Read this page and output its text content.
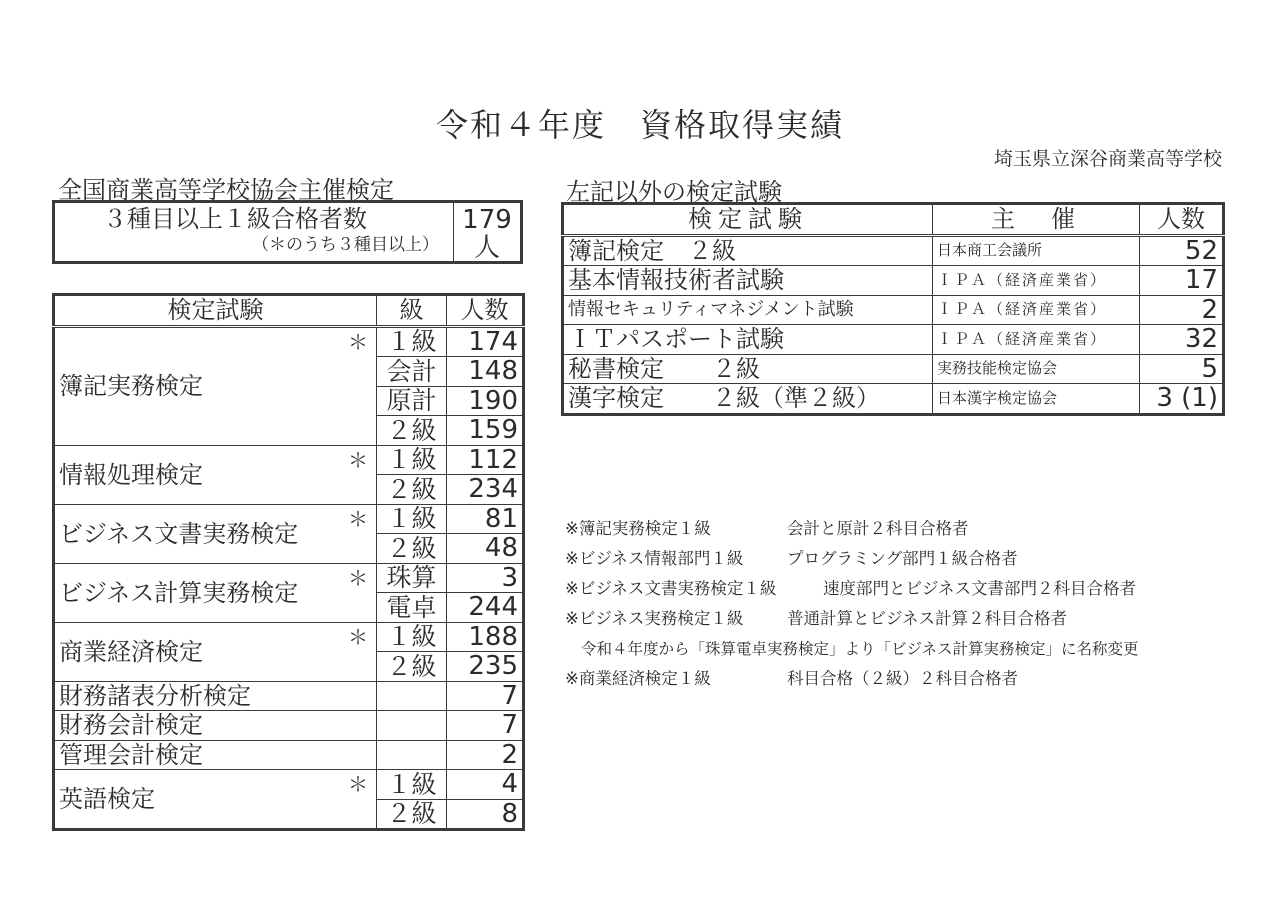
令和４年度　資格取得実績
埼玉県立深谷商業高等学校
全国商業高等学校協会主催検定	左記以外の検定試験
３種目以上１級合格者数
（＊のうち３種目以上）

179
人
検定試験	級	人数
簿記実務検定
＊	１級	174
	会計	148
	原計	190
	２級	159
情報処理検定
＊	１級	112
	２級	234
ビジネス文書実務検定
＊	１級	81
	２級	48
ビジネス計算実務検定
＊	珠算	3
	電卓	244
商業経済検定
＊	１級	188
	２級	235
財務諸表分析検定		7
財務会計検定		7
管理会計検定		2
英語検定
＊	１級	4
	２級	8
検定試験	主　催	人数
簿記検定　２級	日本商工会議所	52
基本情報技術者試験	ＩＰＡ（経済産業省）	17
情報セキュリティマネジメント試験	ＩＰＡ（経済産業省）	2
ＩＴパスポート試験	ＩＰＡ（経済産業省）	32
秘書検定　　２級	実務技能検定協会	5
漢字検定　　２級（準２級）	日本漢字検定協会	3 (1)
※簿記実務検定１級	会計と原計２科目合格者
※ビジネス情報部門１級	プログラミング部門１級合格者
※ビジネス文書実務検定１級	速度部門とビジネス文書部門２科目合格者
※ビジネス実務検定１級	普通計算とビジネス計算２科目合格者
令和４年度から「珠算電卓実務検定」より「ビジネス計算実務検定」に名称変更
※商業経済検定１級	科目合格（２級）２科目合格者
